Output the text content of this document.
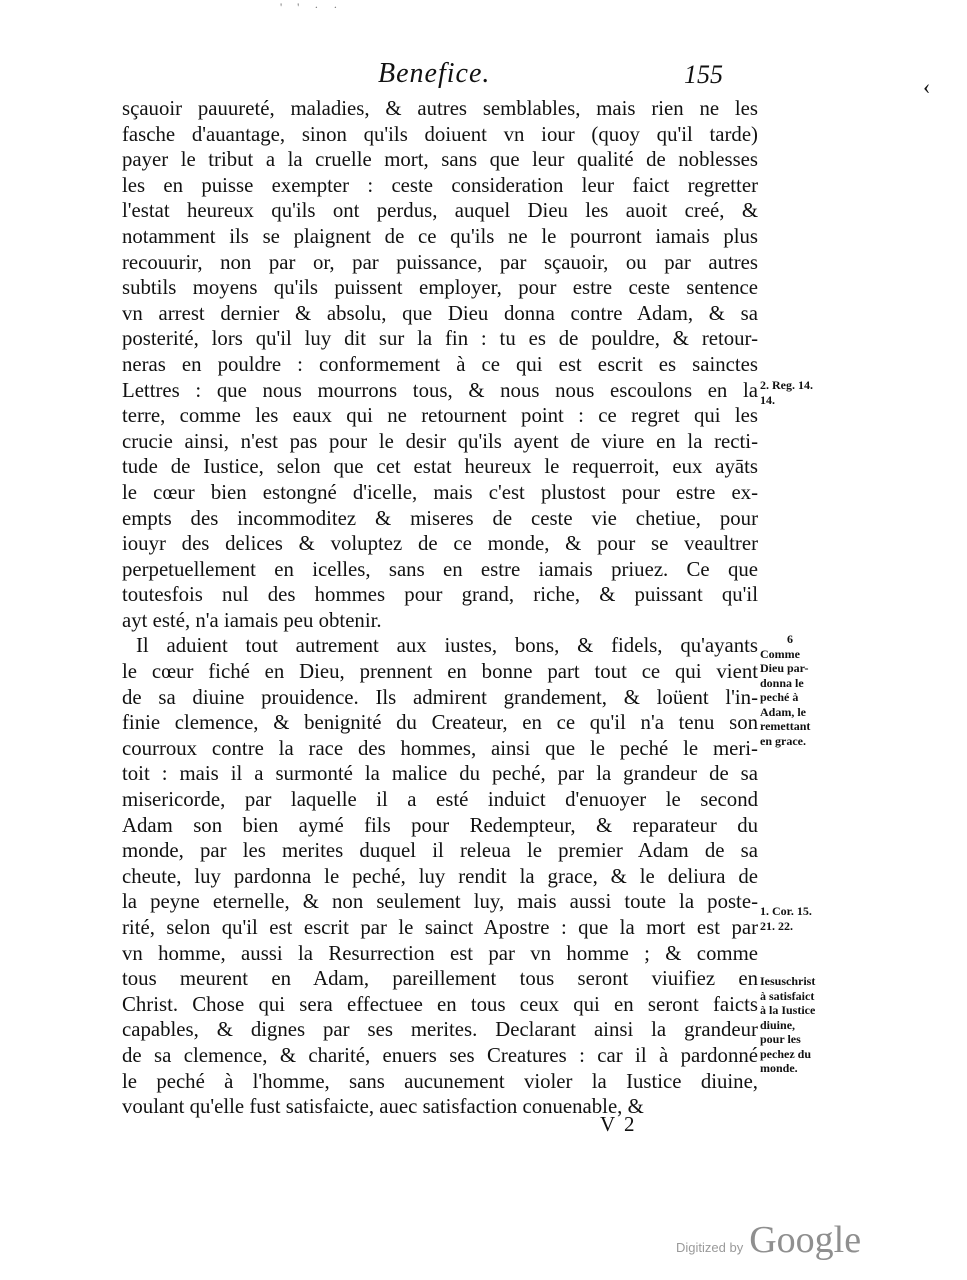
' ' · ·
Benefice.	155	‹
sçauoir pauureté, maladies, & autres semblables, mais rien ne les
fasche d'auantage, sinon qu'ils doiuent vn iour (quoy qu'il tarde)
payer le tribut a la cruelle mort, sans que leur qualité de noblesses
les en puisse exempter : ceste consideration leur faict regretter
l'estat heureux qu'ils ont perdus, auquel Dieu les auoit creé, &
notamment ils se plaignent de ce qu'ils ne le pourront iamais plus
recouurir, non par or, par puissance, par sçauoir, ou par autres
subtils moyens qu'ils puissent employer, pour estre ceste sentence
vn arrest dernier & absolu, que Dieu donna contre Adam, & sa
posterité, lors qu'il luy dit sur la fin : tu es de pouldre, & retour-
neras en pouldre : conformement à ce qui est escrit es sainctes
Lettres : que nous mourrons tous, & nous nous escoulons en la
terre, comme les eaux qui ne retournent point : ce regret qui les
crucie ainsi, n'est pas pour le desir qu'ils ayent de viure en la recti-
tude de Iustice, selon que cet estat heureux le requerroit, eux ayāts
le cœur bien estongné d'icelle, mais c'est plustost pour estre ex-
empts des incommoditez & miseres de ceste vie chetiue, pour
iouyr des delices & voluptez de ce monde, & pour se veaultrer
perpetuellement en icelles, sans en estre iamais priuez. Ce que
toutesfois nul des hommes pour grand, riche, & puissant qu'il
ayt esté, n'a iamais peu obtenir.
Il aduient tout autrement aux iustes, bons, & fidels, qu'ayants
le cœur fiché en Dieu, prennent en bonne part tout ce qui vient
de sa diuine prouidence. Ils admirent grandement, & loüent l'in-
finie clemence, & benignité du Createur, en ce qu'il n'a tenu son
courroux contre la race des hommes, ainsi que le peché le meri-
toit : mais il a surmonté la malice du peché, par la grandeur de sa
misericorde, par laquelle il a esté induict d'enuoyer le second
Adam son bien aymé fils pour Redempteur, & reparateur du
monde, par les merites duquel il releua le premier Adam de sa
cheute, luy pardonna le peché, luy rendit la grace, & le deliura de
la peyne eternelle, & non seulement luy, mais aussi toute la poste-
rité, selon qu'il est escrit par le sainct Apostre : que la mort est par
vn homme, aussi la Resurrection est par vn homme ; & comme
tous meurent en Adam, pareillement tous seront viuifiez en
Christ. Chose qui sera effectuee en tous ceux qui en seront faicts
capables, & dignes par ses merites. Declarant ainsi la grandeur
de sa clemence, & charité, enuers ses Creatures : car il à pardonné
le peché à l'homme, sans aucunement violer la Iustice diuine,
voulant qu'elle fust satisfaicte, auec satisfaction conuenable, &
2. Reg. 14.
14.
6
Comme
Dieu par-
donna le
peché à
Adam, le
remettant
en grace.
1. Cor. 15.
21. 22.
Iesuschrist
à satisfaict
à la Iustice
diuine,
pour les
pechez du
monde.
V 2
Digitized by Google
